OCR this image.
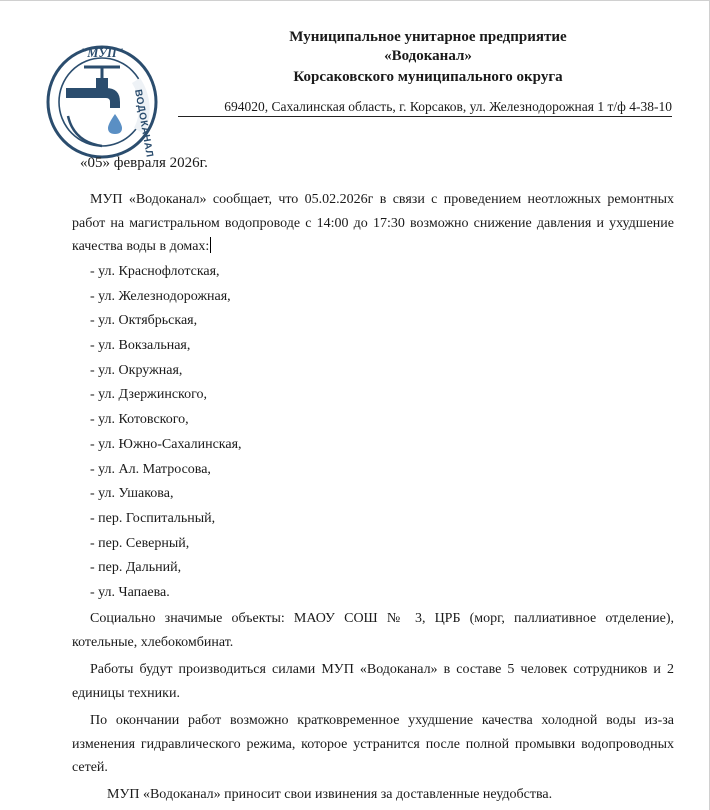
"МУП"
ВОДОКАНАЛ
Муниципальное унитарное предприятие
«Водоканал»
Корсаковского муниципального округа
694020, Сахалинская область, г. Корсаков, ул. Железнодорожная 1 т/ф 4-38-10
«05» февраля 2026г.

МУП «Водоканал» сообщает, что 05.02.2026г в связи с проведением неотложных ремонтных работ на магистральном водопроводе с 14:00 до 17:30 возможно снижение давления и ухудшение качества воды в домах:

- ул. Краснофлотская,
- ул. Железнодорожная,
- ул. Октябрьская,
- ул. Вокзальная,
- ул. Окружная,
- ул. Дзержинского,
- ул. Котовского,
- ул. Южно-Сахалинская,
- ул. Ал. Матросова,
- ул. Ушакова,
- пер. Госпитальный,
- пер. Северный,
- пер. Дальний,
- ул. Чапаева.

Социально значимые объекты: МАОУ СОШ № 3, ЦРБ (морг, паллиативное отделение), котельные, хлебокомбинат.

Работы будут производиться силами МУП «Водоканал» в составе 5 человек сотрудников и 2 единицы техники.

По окончании работ возможно кратковременное ухудшение качества холодной воды из-за изменения гидравлического режима, которое устранится после полной промывки водопроводных сетей.

МУП «Водоканал» приносит свои извинения за доставленные неудобства.
